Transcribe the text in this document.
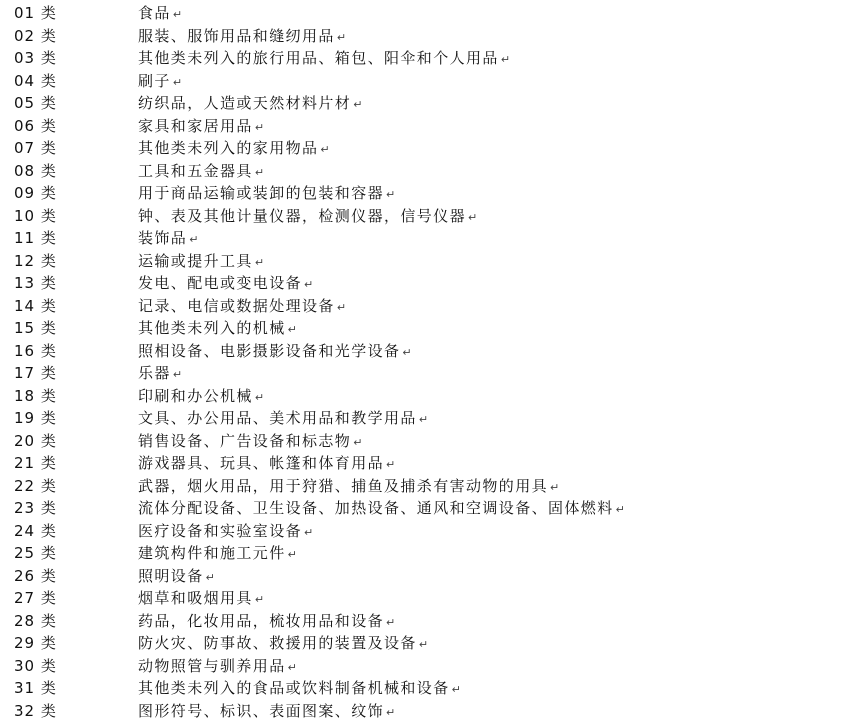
01 类	食品 ↵
02 类	服装、服饰用品和缝纫用品 ↵
03 类	其他类未列入的旅行用品、箱包、阳伞和个人用品 ↵
04 类	刷子 ↵
05 类	纺织品，人造或天然材料片材 ↵
06 类	家具和家居用品 ↵
07 类	其他类未列入的家用物品 ↵
08 类	工具和五金器具 ↵
09 类	用于商品运输或装卸的包装和容器 ↵
10 类	钟、表及其他计量仪器，检测仪器，信号仪器 ↵
11 类	装饰品 ↵
12 类	运输或提升工具 ↵
13 类	发电、配电或变电设备 ↵
14 类	记录、电信或数据处理设备 ↵
15 类	其他类未列入的机械 ↵
16 类	照相设备、电影摄影设备和光学设备 ↵
17 类	乐器 ↵
18 类	印刷和办公机械 ↵
19 类	文具、办公用品、美术用品和教学用品 ↵
20 类	销售设备、广告设备和标志物 ↵
21 类	游戏器具、玩具、帐篷和体育用品 ↵
22 类	武器，烟火用品，用于狩猎、捕鱼及捕杀有害动物的用具 ↵
23 类	流体分配设备、卫生设备、加热设备、通风和空调设备、固体燃料 ↵
24 类	医疗设备和实验室设备 ↵
25 类	建筑构件和施工元件 ↵
26 类	照明设备 ↵
27 类	烟草和吸烟用具 ↵
28 类	药品，化妆用品，梳妆用品和设备 ↵
29 类	防火灾、防事故、救援用的装置及设备 ↵
30 类	动物照管与驯养用品 ↵
31 类	其他类未列入的食品或饮料制备机械和设备 ↵
32 类	图形符号、标识、表面图案、纹饰 ↵
